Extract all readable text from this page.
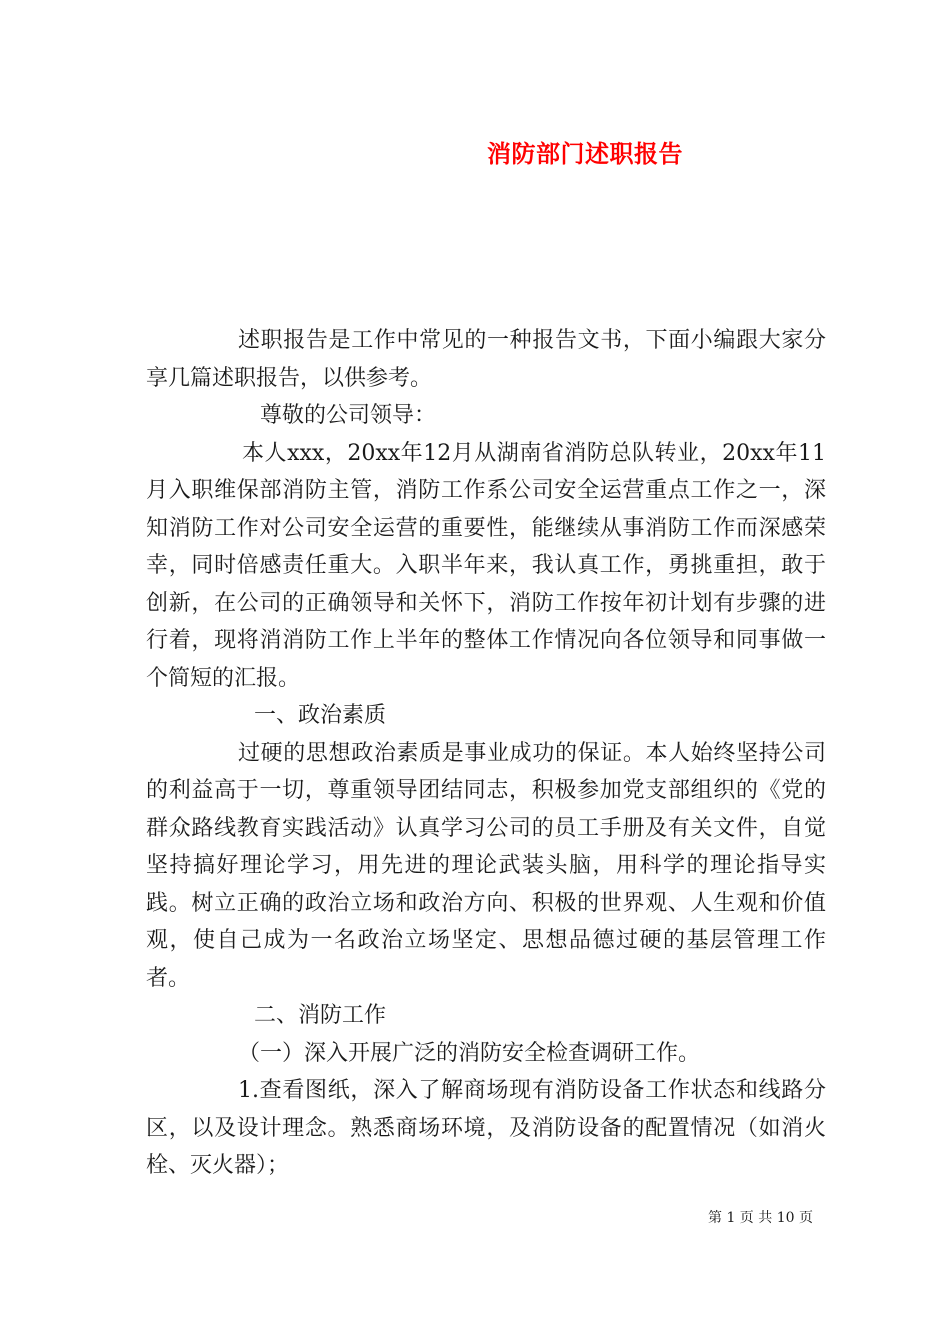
消防部门述职报告

述职报告是工作中常见的一种报告文书，下面小编跟大家分享几篇述职报告，以供参考。

尊敬的公司领导：

本人xxx，20xx年12月从湖南省消防总队转业，20xx年11月入职维保部消防主管，消防工作系公司安全运营重点工作之一，深知消防工作对公司安全运营的重要性，能继续从事消防工作而深感荣幸，同时倍感责任重大。入职半年来，我认真工作，勇挑重担，敢于创新，在公司的正确领导和关怀下，消防工作按年初计划有步骤的进行着，现将消消防工作上半年的整体工作情况向各位领导和同事做一个简短的汇报。

一、政治素质

过硬的思想政治素质是事业成功的保证。本人始终坚持公司的利益高于一切，尊重领导团结同志，积极参加党支部组织的《党的群众路线教育实践活动》认真学习公司的员工手册及有关文件，自觉坚持搞好理论学习，用先进的理论武装头脑，用科学的理论指导实践。树立正确的政治立场和政治方向、积极的世界观、人生观和价值观，使自己成为一名政治立场坚定、思想品德过硬的基层管理工作者。

二、消防工作

（一）深入开展广泛的消防安全检查调研工作。

1.查看图纸，深入了解商场现有消防设备工作状态和线路分区，以及设计理念。熟悉商场环境，及消防设备的配置情况（如消火栓、灭火器）；

第 1 页 共 10 页
